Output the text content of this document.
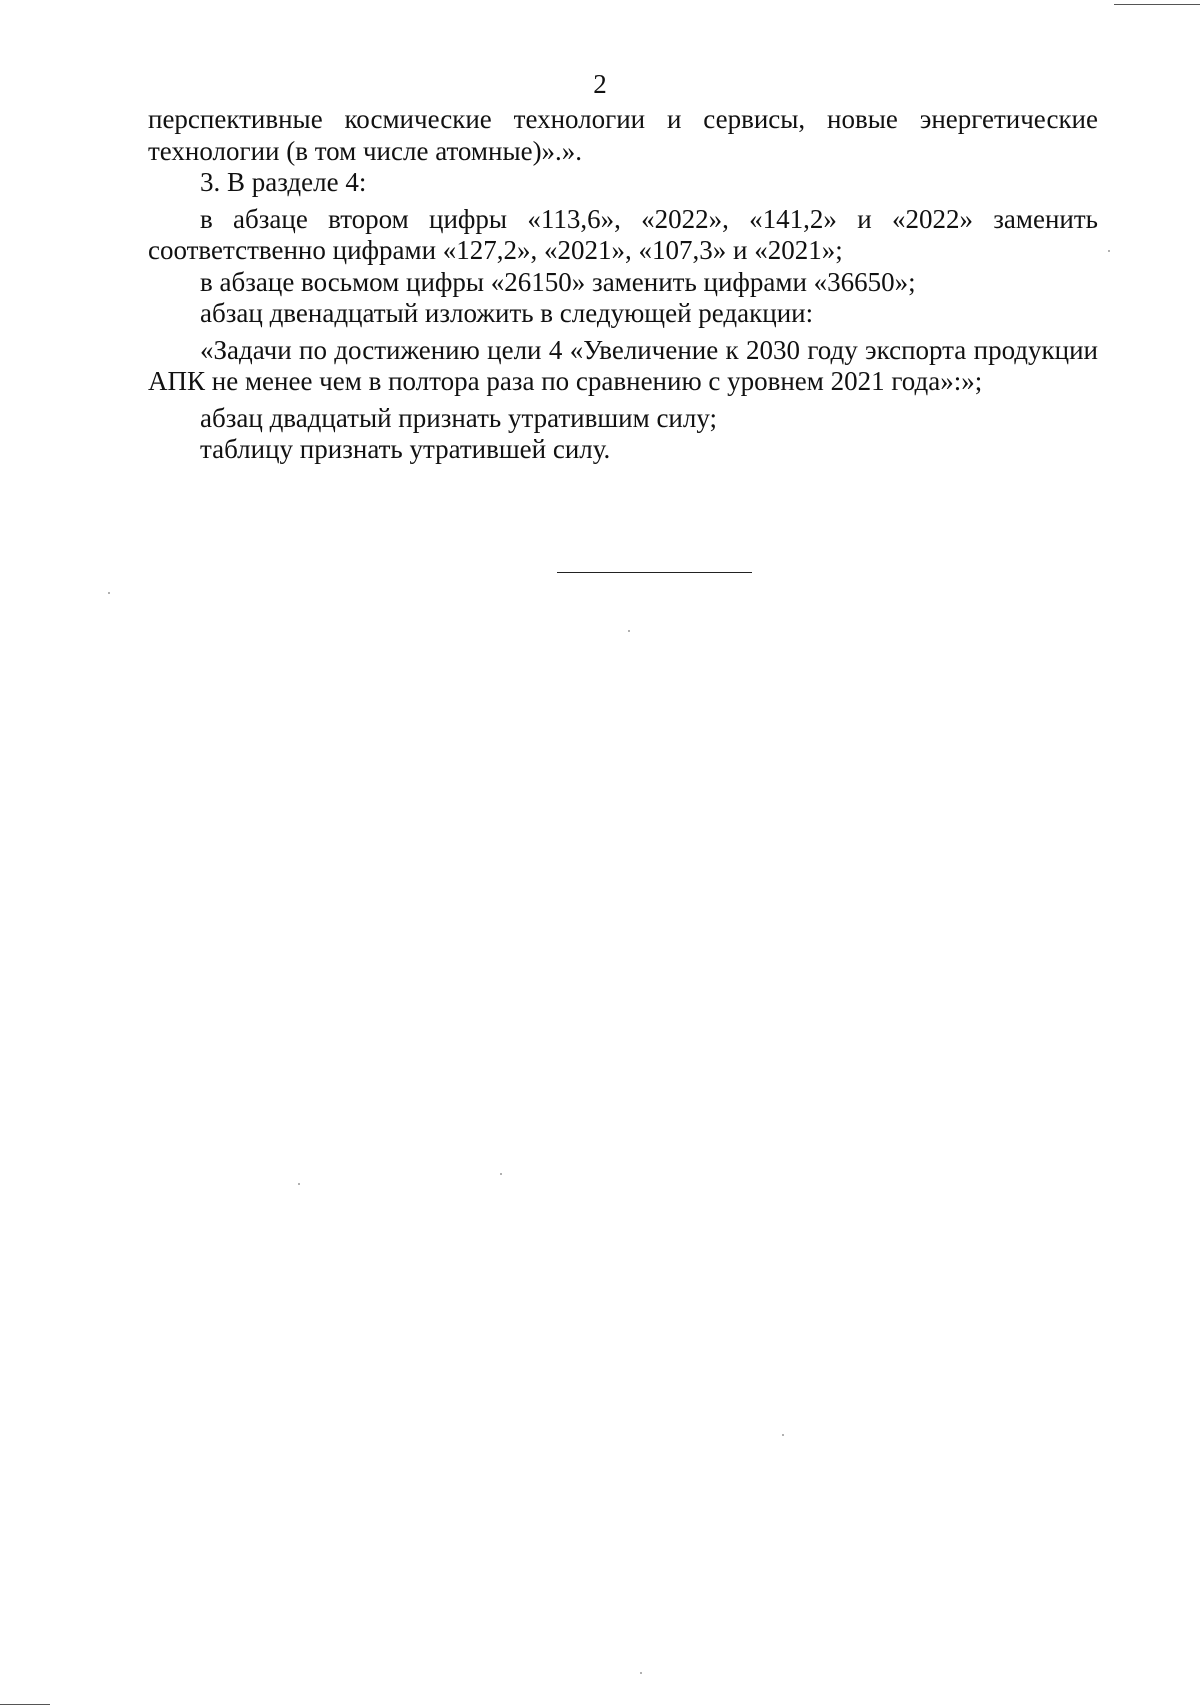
2

перспективные космические технологии и сервисы, новые энергетические технологии (в том числе атомные)».».

3. В разделе 4:

в абзаце втором цифры «113,6», «2022», «141,2» и «2022» заменить соответственно цифрами «127,2», «2021», «107,3» и «2021»;

в абзаце восьмом цифры «26150» заменить цифрами «36650»;

абзац двенадцатый изложить в следующей редакции:

«Задачи по достижению цели 4 «Увеличение к 2030 году экспорта продукции АПК не менее чем в полтора раза по сравнению с уровнем 2021 года»:»;

абзац двадцатый признать утратившим силу;

таблицу признать утратившей силу.
